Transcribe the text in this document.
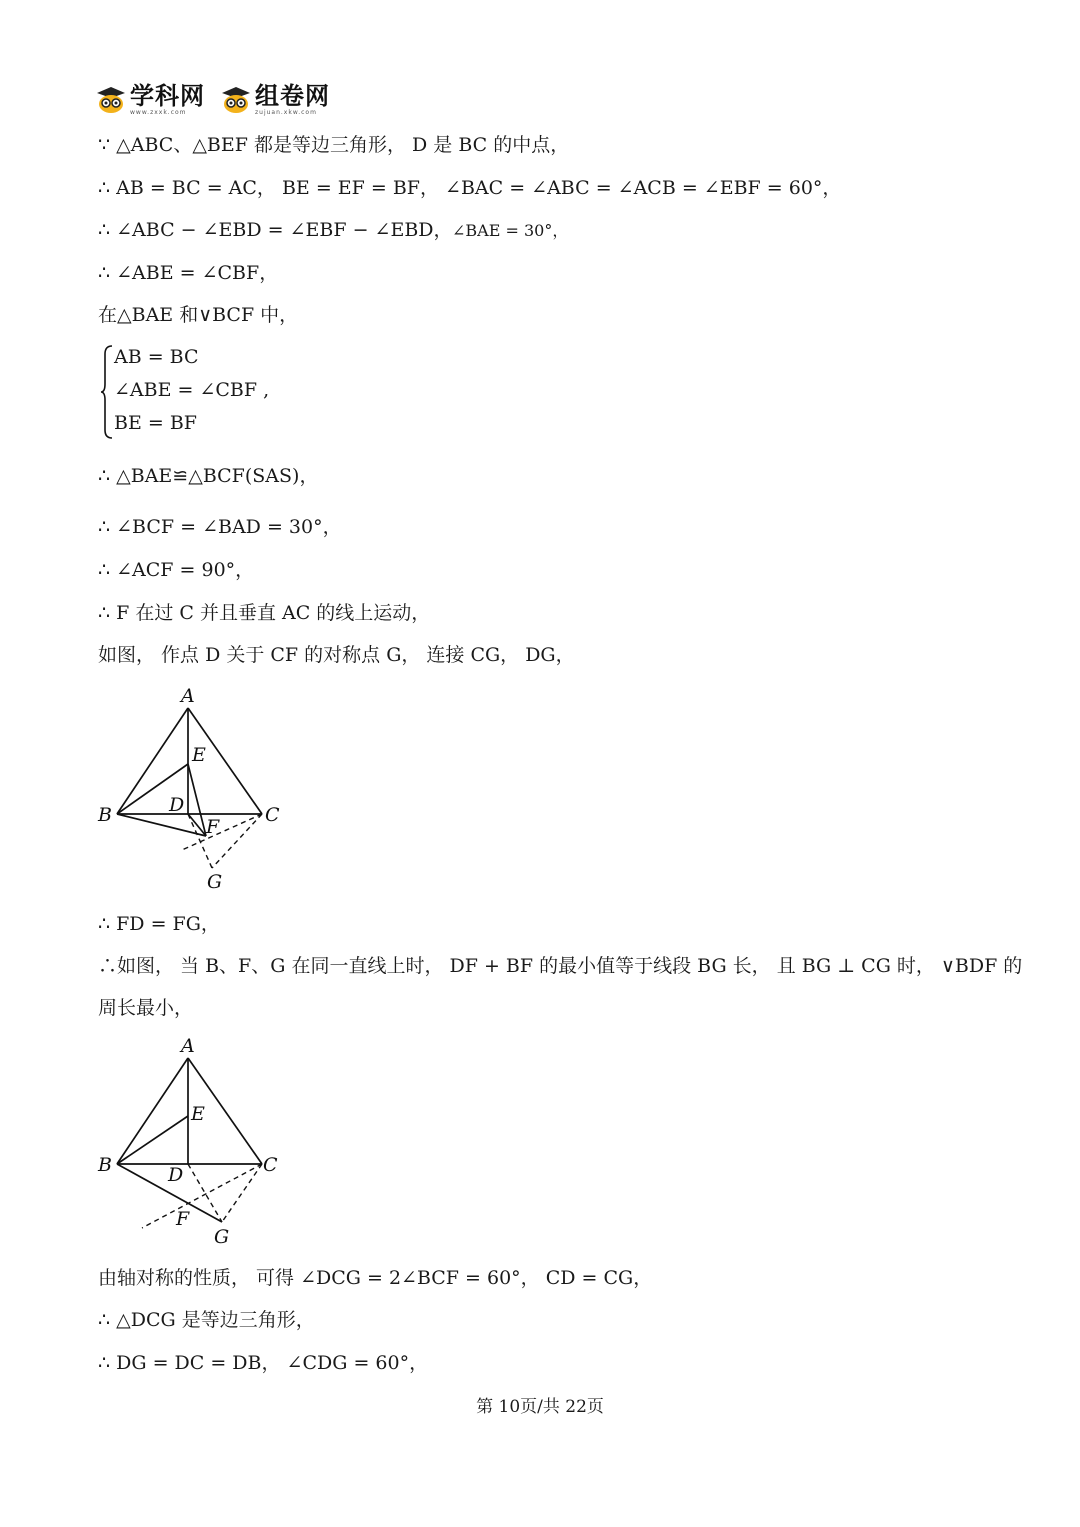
学科网
www.zxxk.com
组卷网
zujuan.xkw.com
∵ △ABC、△BEF 都是等边三角形， D 是 BC 的中点，
∴ AB = BC = AC， BE = EF = BF， ∠BAC = ∠ABC = ∠ACB = ∠EBF = 60°，
∴ ∠ABC − ∠EBD = ∠EBF − ∠EBD， ∠BAE = 30°，
∴ ∠ABE = ∠CBF，
在△BAE 和∨BCF 中，
AB = BC
∠ABE = ∠CBF ,
BE = BF
∴ △BAE≌△BCF(SAS)，
∴ ∠BCF = ∠BAD = 30°，
∴ ∠ACF = 90°，
∴ F 在过 C 并且垂直 AC 的线上运动，
如图， 作点 D 关于 CF 的对称点 G， 连接 CG， DG，
A
E
B	D	C
F
G
∴ FD = FG，
∴如图， 当 B、F、G 在同一直线上时， DF + BF 的最小值等于线段 BG 长， 且 BG ⊥ CG 时， ∨BDF 的
周长最小，
A
E
B	D	C
F
G
由轴对称的性质， 可得 ∠DCG = 2∠BCF = 60°， CD = CG，
∴ △DCG 是等边三角形，
∴ DG = DC = DB， ∠CDG = 60°，
第 10页/共 22页
